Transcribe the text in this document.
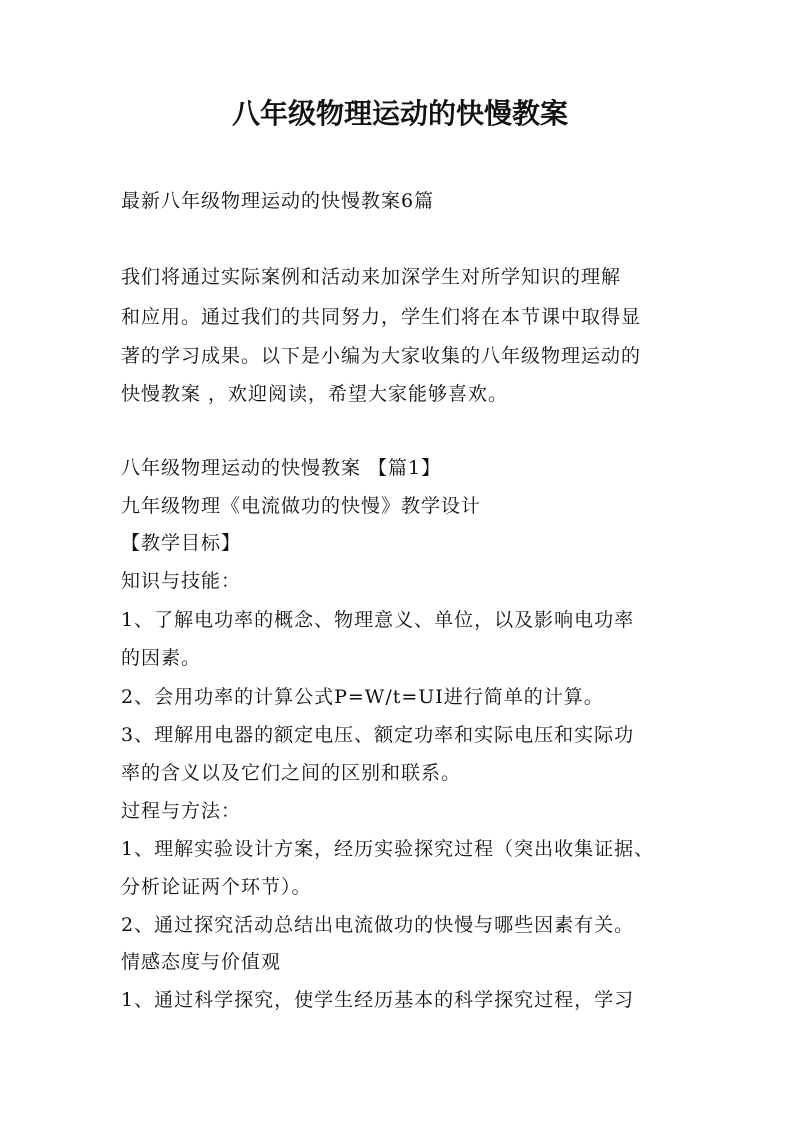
八年级物理运动的快慢教案
最新八年级物理运动的快慢教案6篇
我们将通过实际案例和活动来加深学生对所学知识的理解
和应用。通过我们的共同努力，学生们将在本节课中取得显
著的学习成果。以下是小编为大家收集的八年级物理运动的
快慢教案 ，欢迎阅读，希望大家能够喜欢。
八年级物理运动的快慢教案 【篇1】
九年级物理《电流做功的快慢》教学设计
【教学目标】
知识与技能：
1、了解电功率的概念、物理意义、单位，以及影响电功率
的因素。
2、会用功率的计算公式P=W/t=UI进行简单的计算。
3、理解用电器的额定电压、额定功率和实际电压和实际功
率的含义以及它们之间的区别和联系。
过程与方法：
1、理解实验设计方案，经历实验探究过程（突出收集证据、
分析论证两个环节）。
2、通过探究活动总结出电流做功的快慢与哪些因素有关。
情感态度与价值观
1、通过科学探究，使学生经历基本的科学探究过程，学习
